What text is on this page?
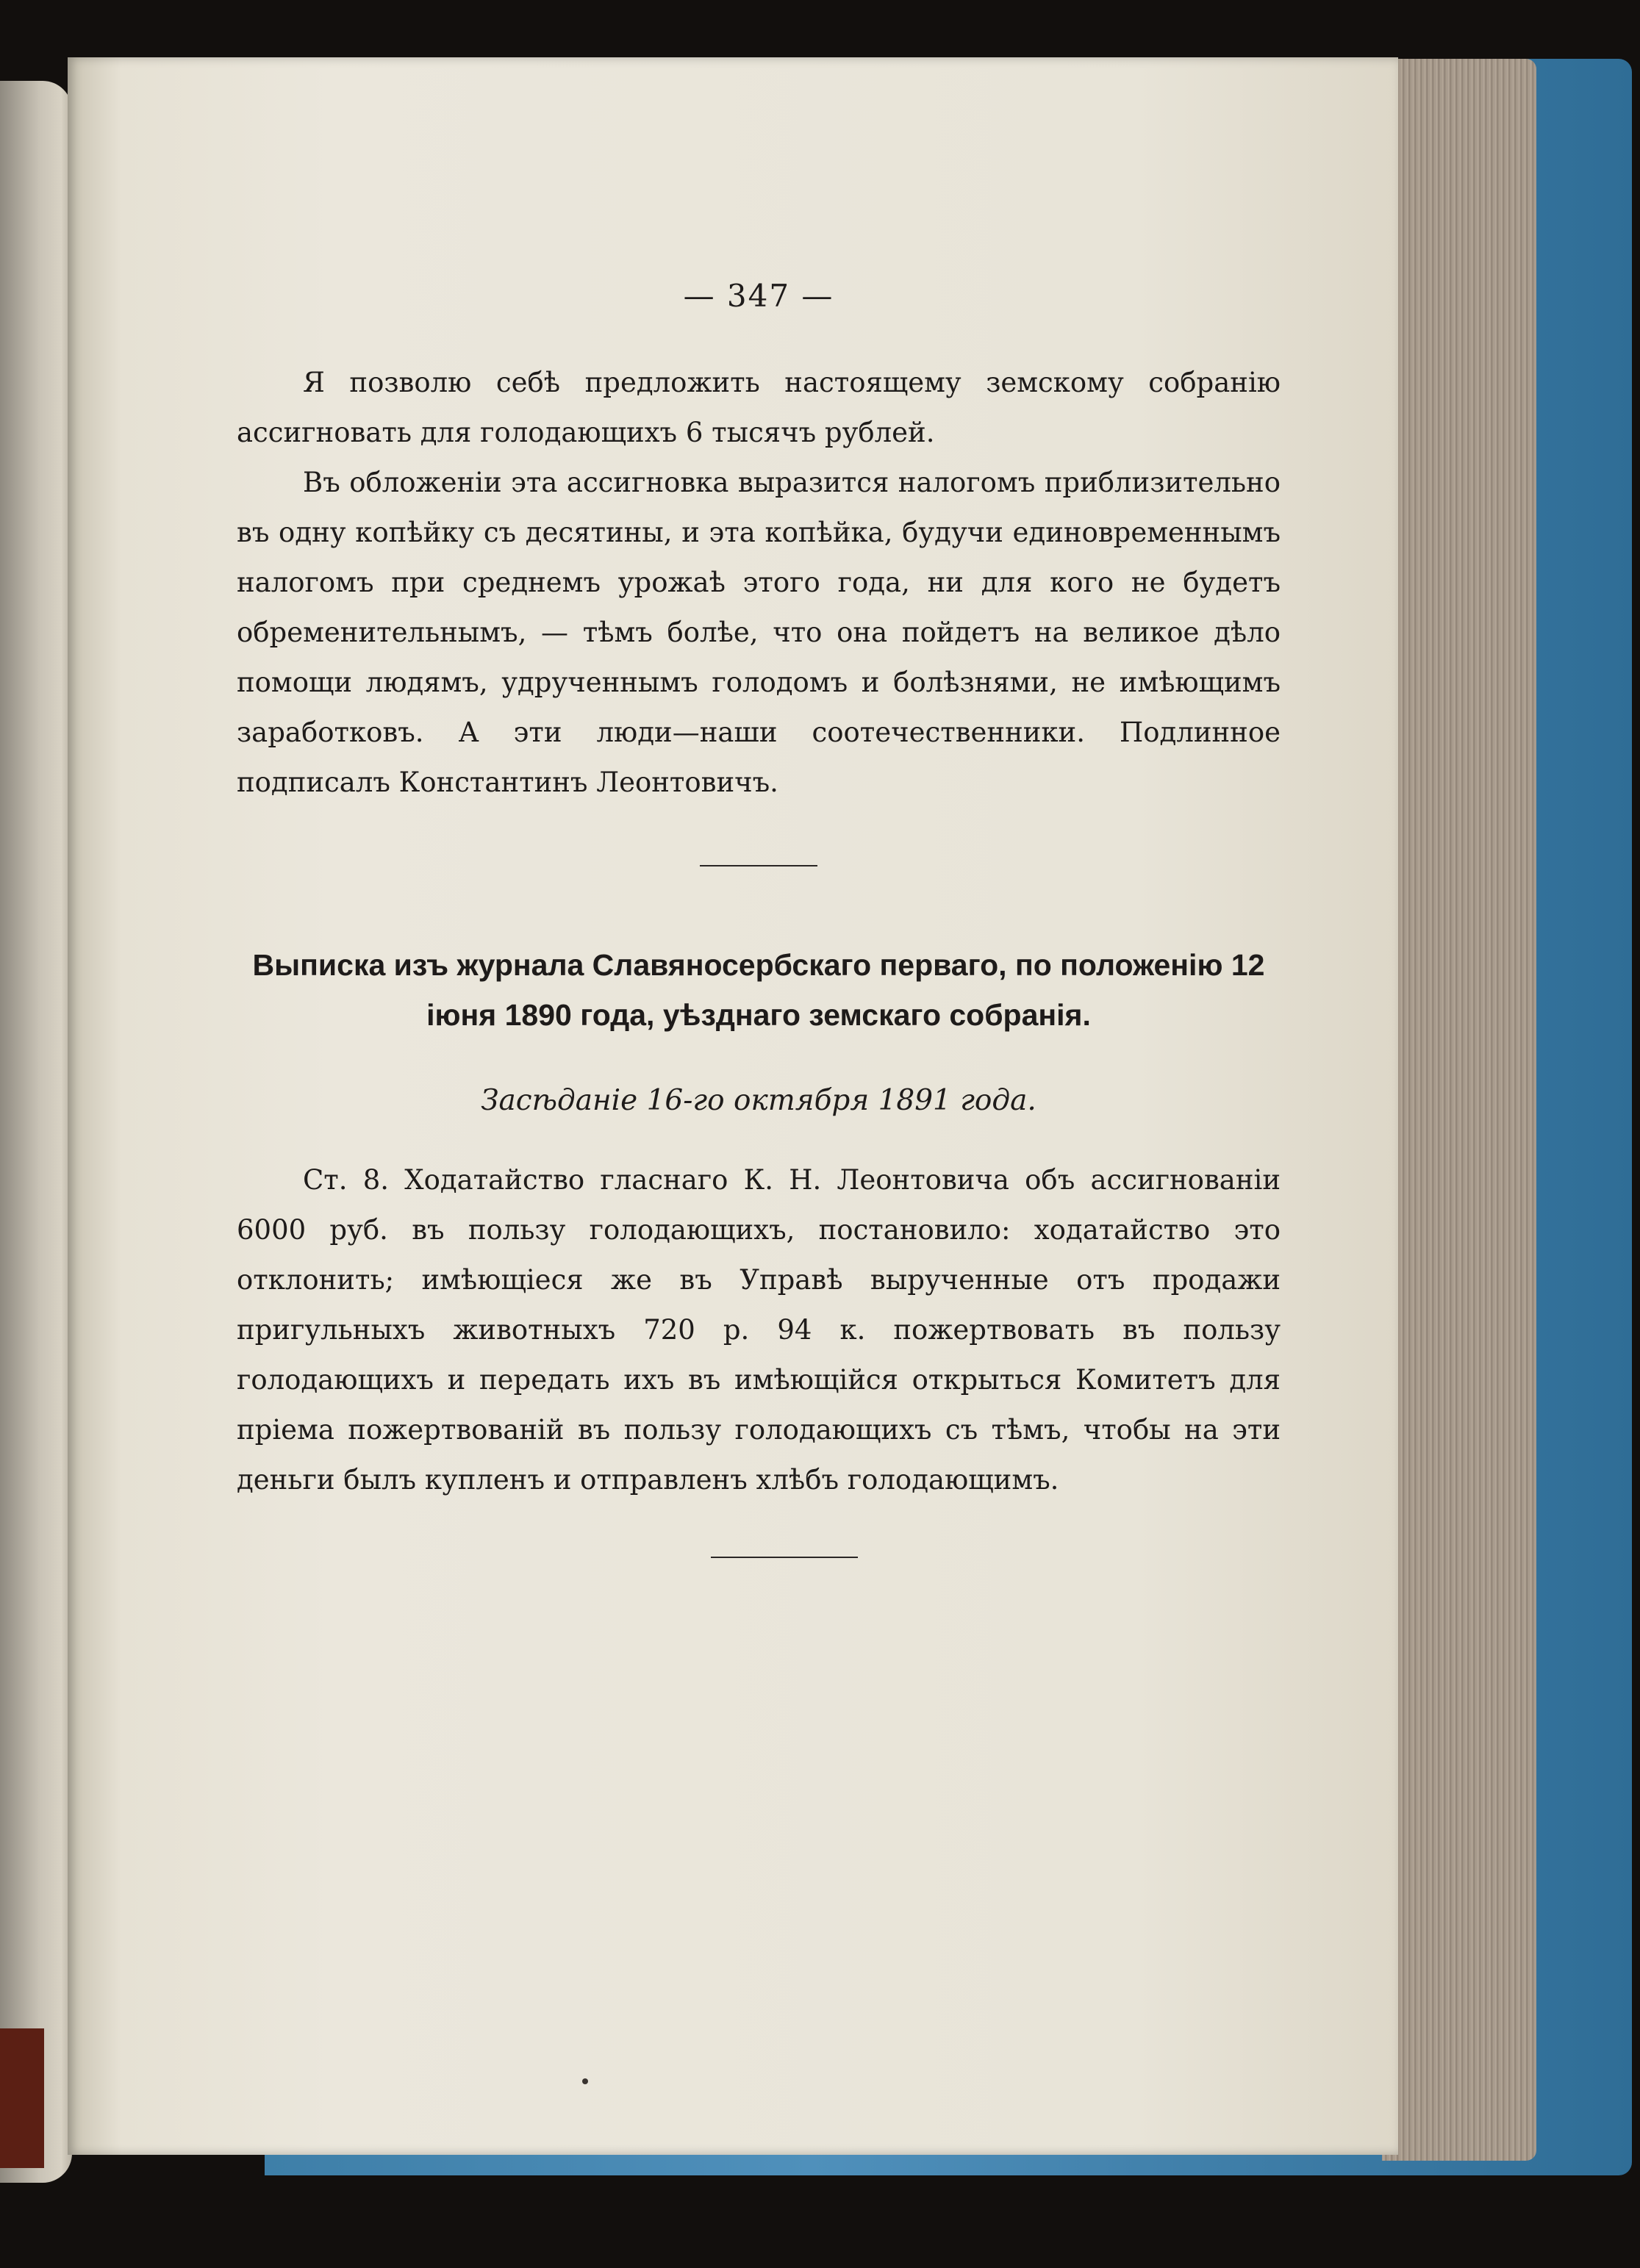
— 347 —

Я позволю себѣ предложить настоящему земскому собранію ассигновать для голодающихъ 6 тысячъ рублей.

Въ обложеніи эта ассигновка выразится налогомъ приблизительно въ одну копѣйку съ десятины, и эта копѣйка, будучи единовременнымъ налогомъ при среднемъ урожаѣ этого года, ни для кого не будетъ обременительнымъ, — тѣмъ болѣе, что она пойдетъ на великое дѣло помощи людямъ, удрученнымъ голодомъ и болѣзнями, не имѣющимъ заработковъ. А эти люди—наши соотечественники. Подлинное подписалъ Константинъ Леонтовичъ.

Выписка изъ журнала Славяносербскаго перваго, по положенію 12 іюня 1890 года, уѣзднаго земскаго собранія.

Засѣданіе 16-го октября 1891 года.

Ст. 8. Ходатайство гласнаго К. Н. Леонтовича объ ассигнованіи 6000 руб. въ пользу голодающихъ, постановило: ходатайство это отклонить; имѣющіеся же въ Управѣ вырученные отъ продажи пригульныхъ животныхъ 720 р. 94 к. пожертвовать въ пользу голодающихъ и передать ихъ въ имѣющійся открыться Комитетъ для пріема пожертвованій въ пользу голодающихъ съ тѣмъ, чтобы на эти деньги былъ купленъ и отправленъ хлѣбъ голодающимъ.
